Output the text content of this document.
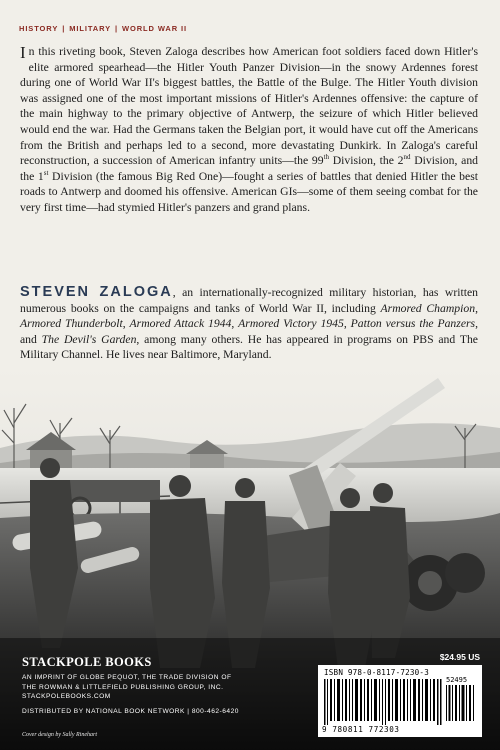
HISTORY | MILITARY | WORLD WAR II

I n this riveting book, Steven Zaloga describes how American foot soldiers faced down Hitler's elite armored spearhead—the Hitler Youth Panzer Division—in the snowy Ardennes forest during one of World War II's biggest battles, the Battle of the Bulge. The Hitler Youth division was assigned one of the most important missions of Hitler's Ardennes offensive: the capture of the main highway to the primary objective of Antwerp, the seizure of which Hitler believed would end the war. Had the Germans taken the Belgian port, it would have cut off the Americans from the British and perhaps led to a second, more devastating Dunkirk. In Zaloga's careful reconstruction, a succession of American infantry units—the 99th Division, the 2nd Division, and the 1st Division (the famous Big Red One)—fought a series of battles that denied Hitler the best roads to Antwerp and doomed his offensive. American GIs—some of them seeing combat for the very first time—had stymied Hitler's panzers and grand plans.

STEVEN ZALOGA, an internationally-recognized military historian, has written numerous books on the campaigns and tanks of World War II, including Armored Champion, Armored Thunderbolt, Armored Attack 1944, Armored Victory 1945, Patton versus the Panzers, and The Devil's Garden, among many others. He has appeared in programs on PBS and The Military Channel. He lives near Baltimore, Maryland.

$24.95 US
STACKPOLE BOOKS
AN IMPRINT OF GLOBE PEQUOT, THE TRADE DIVISION OF
THE ROWMAN & LITTLEFIELD PUBLISHING GROUP, INC.
STACKPOLEBOOKS.COM
DISTRIBUTED BY NATIONAL BOOK NETWORK | 800-462-6420
Cover design by Sally Rinehart
ISBN 978-0-8117-7230-3
52495
9 780811 772303
